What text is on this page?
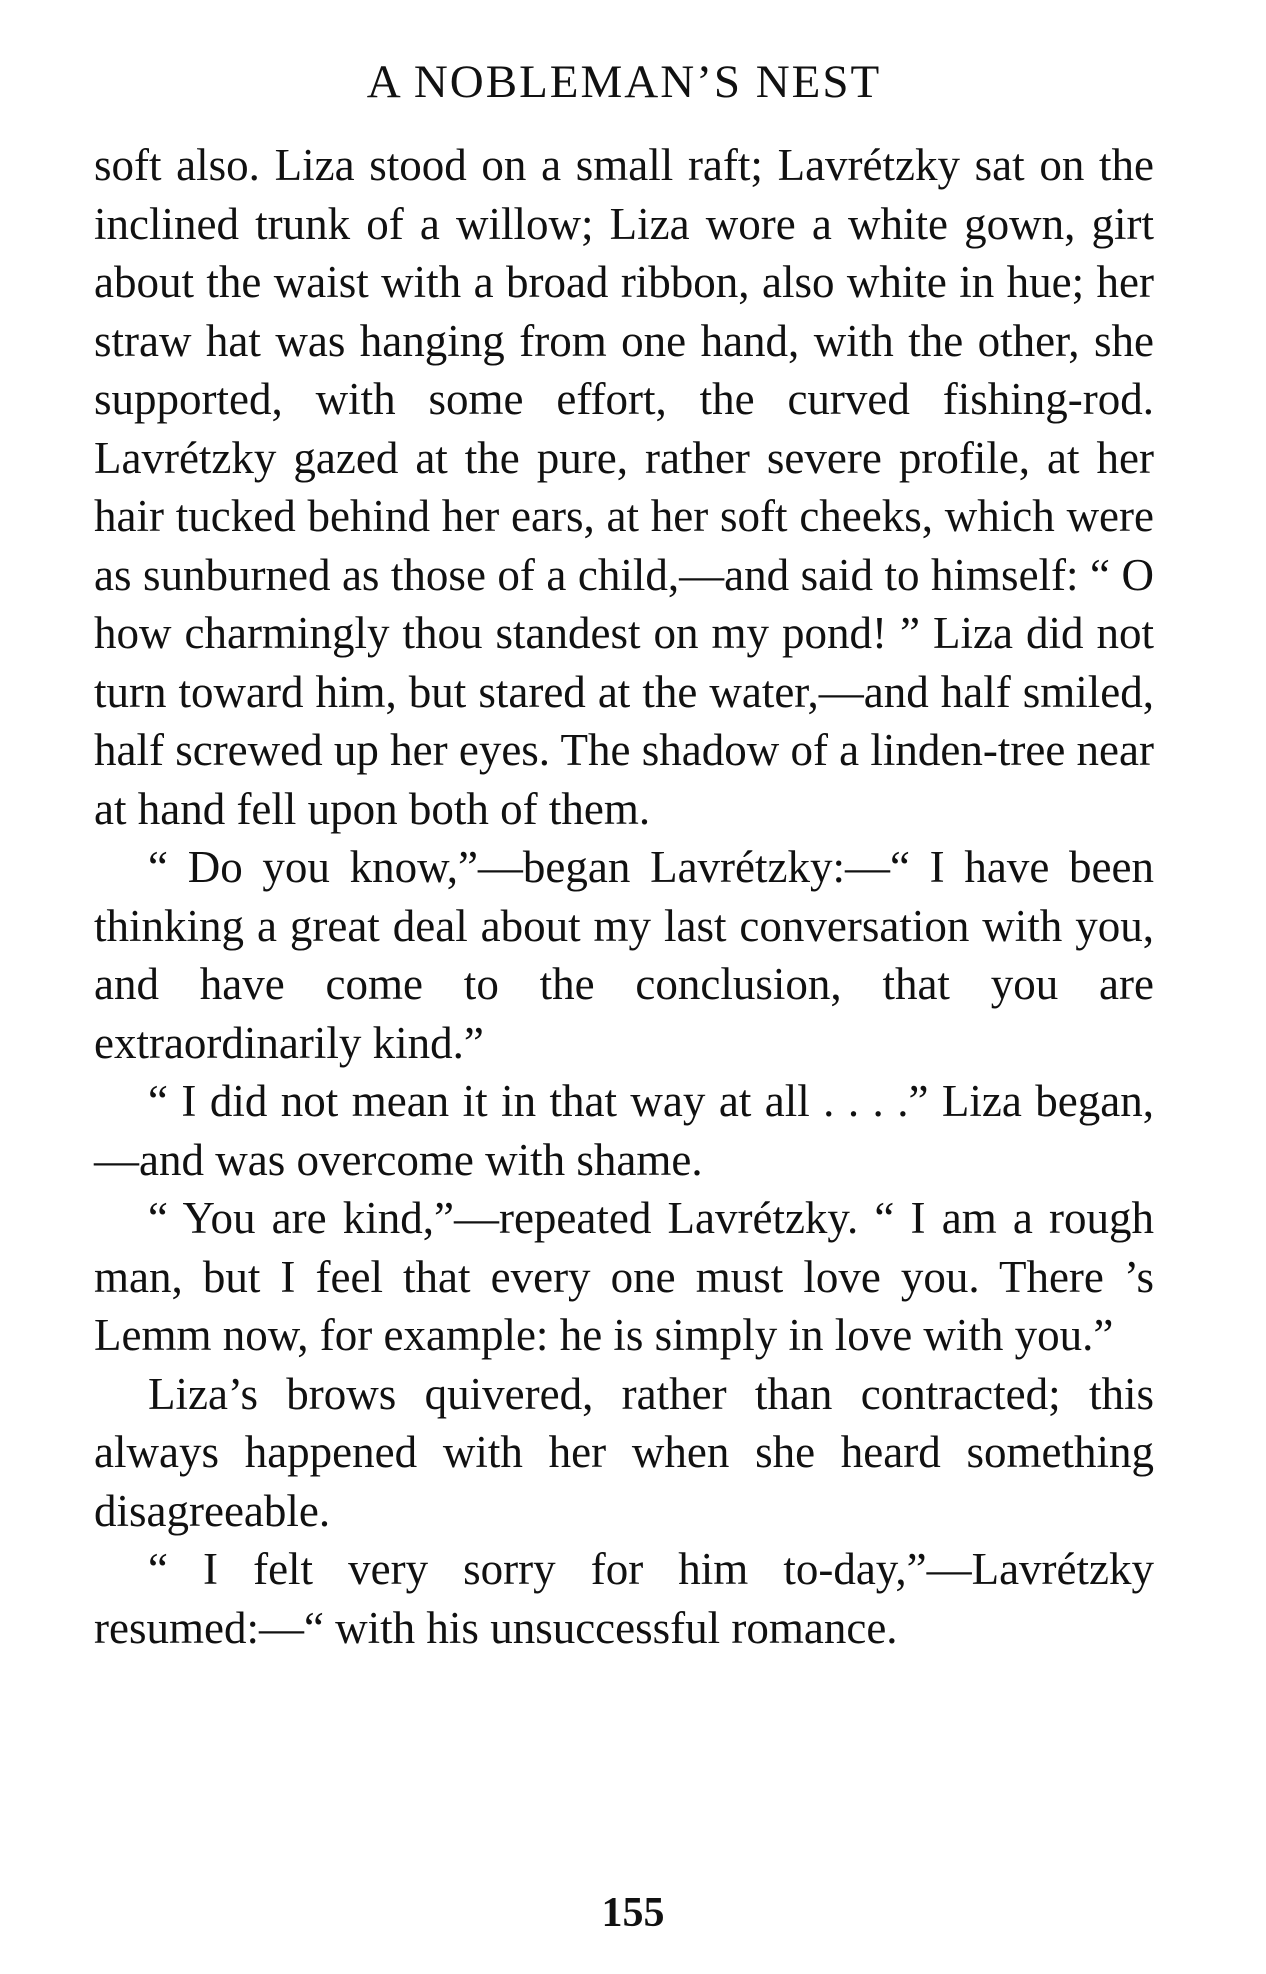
A NOBLEMAN’S NEST

soft also. Liza stood on a small raft; Lavrétzky sat on the inclined trunk of a willow; Liza wore a white gown, girt about the waist with a broad ribbon, also white in hue; her straw hat was hanging from one hand, with the other, she supported, with some effort, the curved fishing-rod. Lavrétzky gazed at the pure, rather severe profile, at her hair tucked behind her ears, at her soft cheeks, which were as sunburned as those of a child,—and said to himself: “ O how charmingly thou standest on my pond! ” Liza did not turn toward him, but stared at the water,—and half smiled, half screwed up her eyes. The shadow of a linden-tree near at hand fell upon both of them.

“ Do you know,”—began Lavrétzky:—“ I have been thinking a great deal about my last conversation with you, and have come to the conclusion, that you are extraordinarily kind.”

“ I did not mean it in that way at all . . . .” Liza began,—and was overcome with shame.

“ You are kind,”—repeated Lavrétzky. “ I am a rough man, but I feel that every one must love you. There ’s Lemm now, for example: he is simply in love with you.”

Liza’s brows quivered, rather than contracted; this always happened with her when she heard something disagreeable.

“ I felt very sorry for him to-day,”—Lavrétzky resumed:—“ with his unsuccessful romance.

155
